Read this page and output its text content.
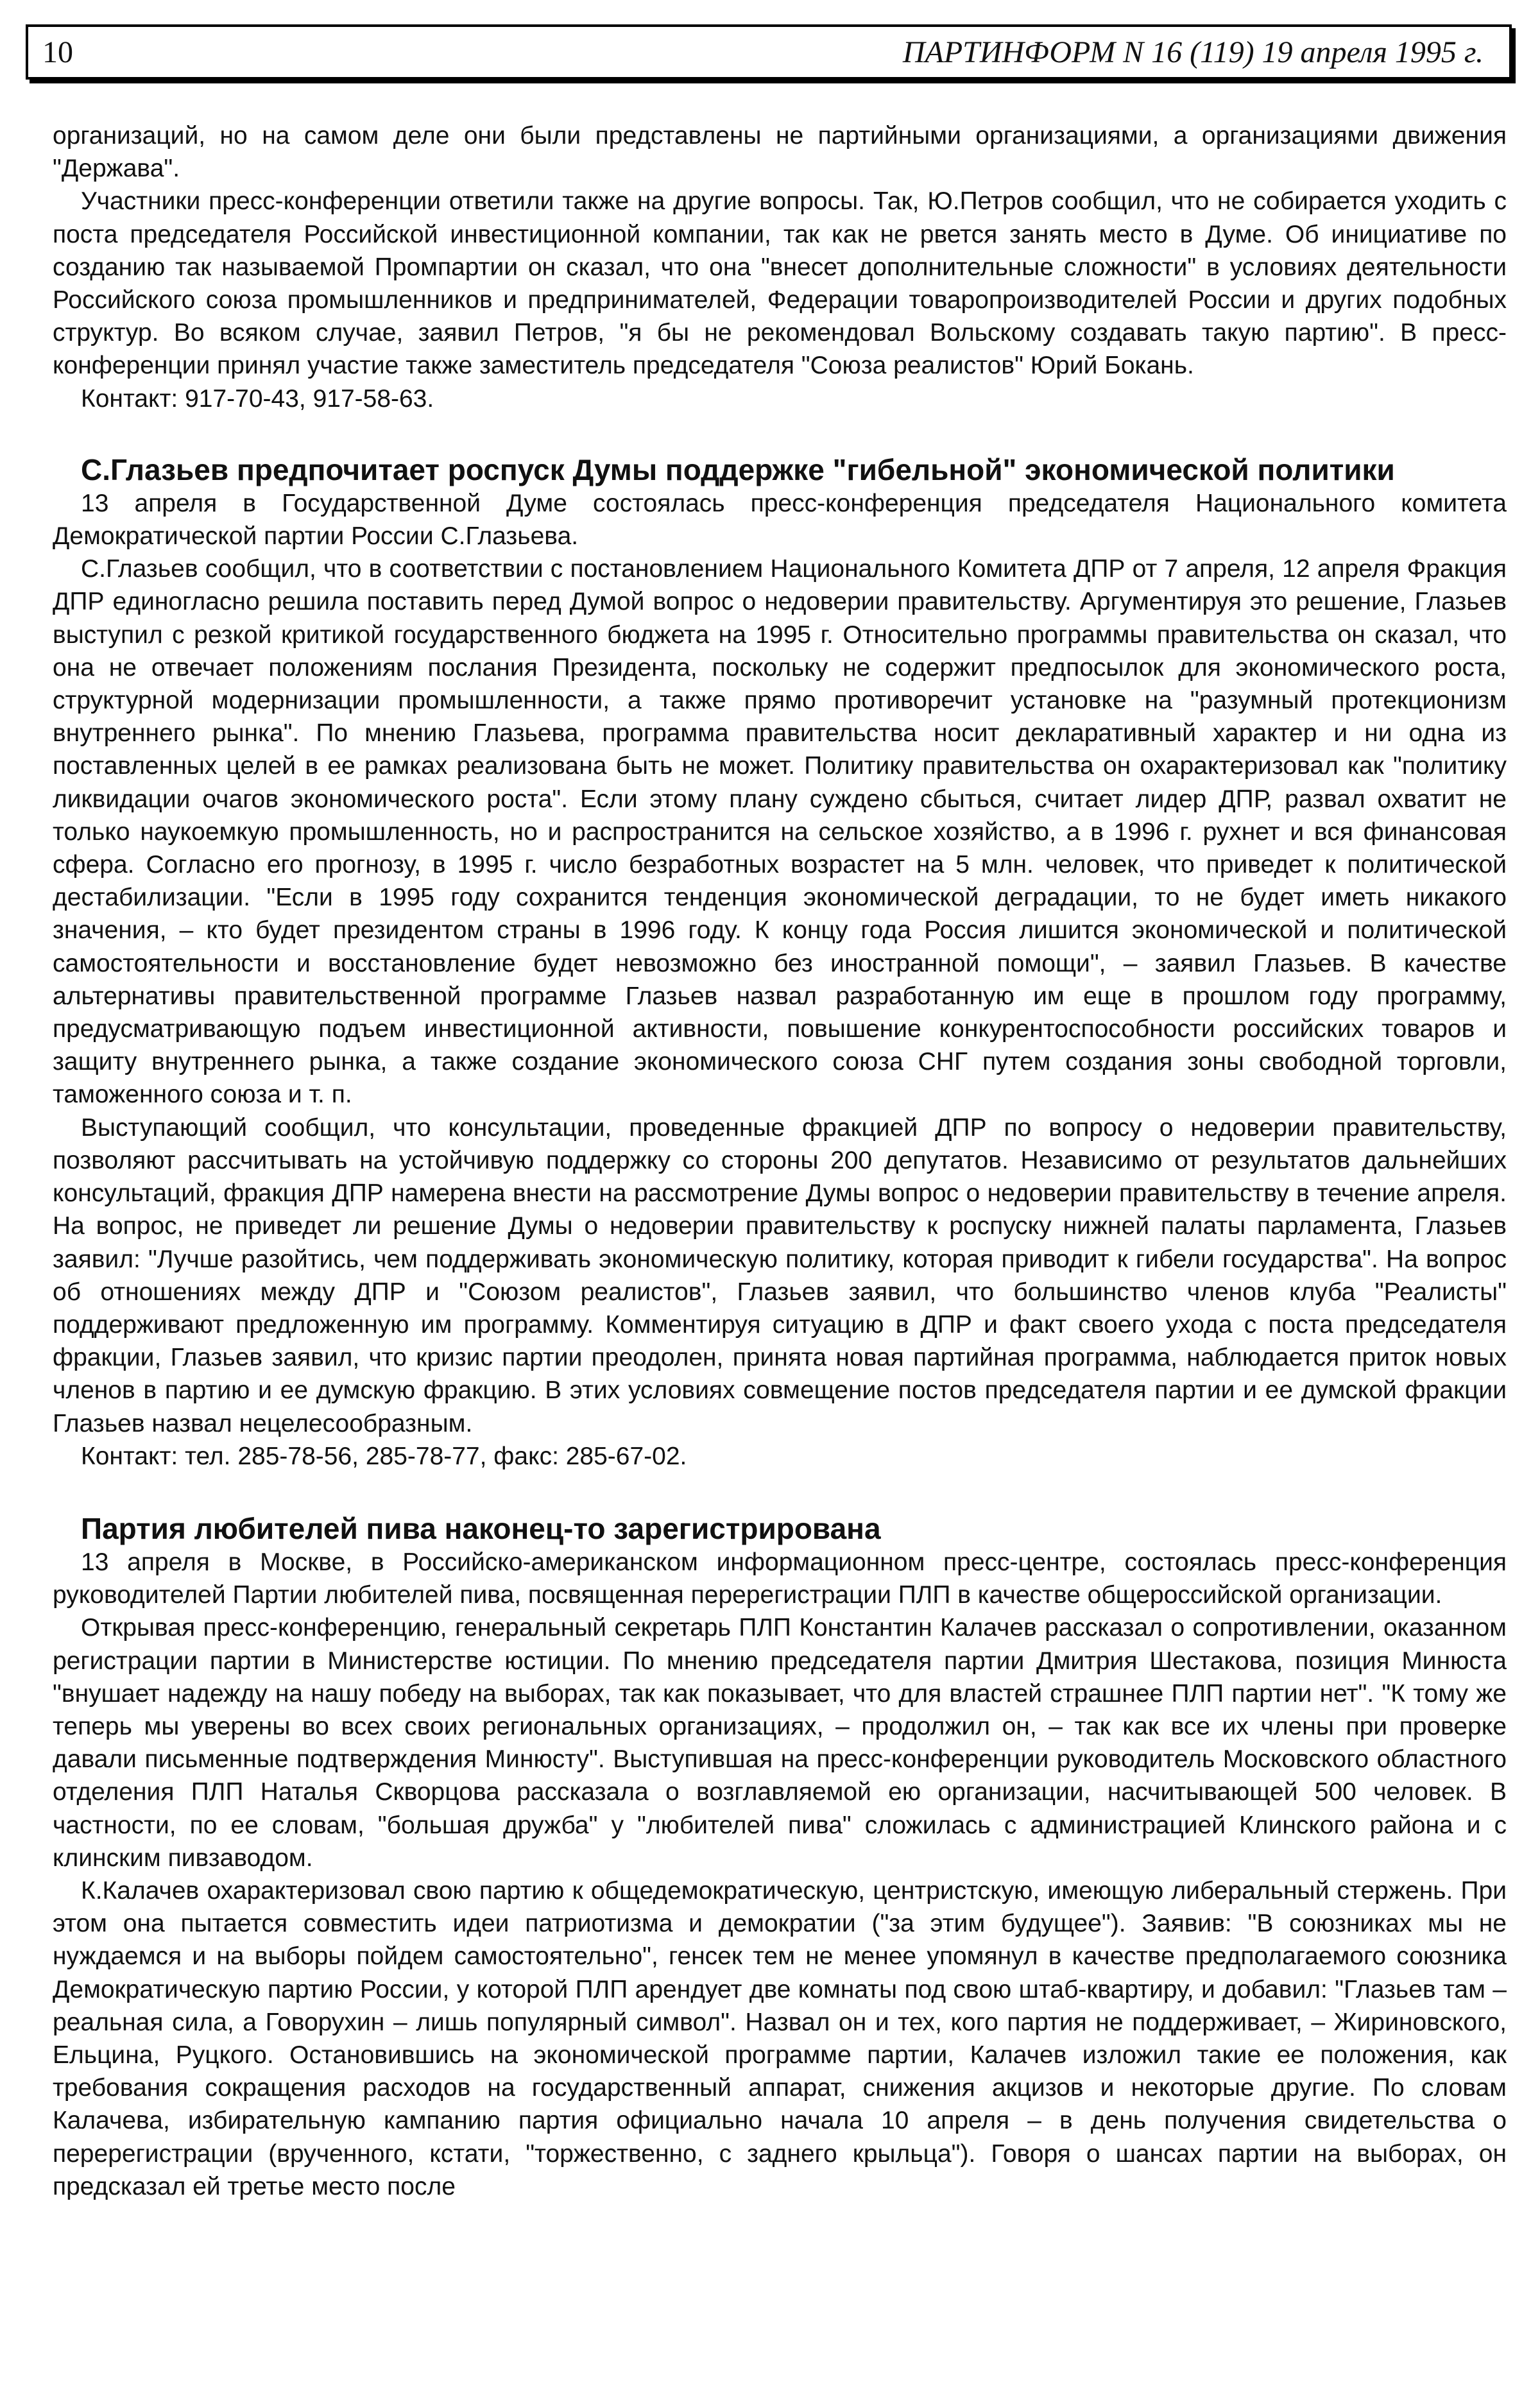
10	ПАРТИНФОРМ N 16 (119) 19 апреля 1995 г.

организаций, но на самом деле они были представлены не партийными организациями, а организациями движения "Держава".

Участники пресс-конференции ответили также на другие вопросы. Так, Ю.Петров сообщил, что не собирается уходить с поста председателя Российской инвестиционной компании, так как не рвется занять место в Думе. Об инициативе по созданию так называемой Промпартии он сказал, что она "внесет дополнительные сложности" в условиях деятельности Российского союза промышленников и предпринимателей, Федерации товаропроизводителей России и других подобных структур. Во всяком случае, заявил Петров, "я бы не рекомендовал Вольскому создавать такую партию". В пресс-конференции принял участие также заместитель председателя "Союза реалистов" Юрий Бокань.

Контакт: 917-70-43, 917-58-63.

С.Глазьев предпочитает роспуск Думы поддержке "гибельной" экономической политики

13 апреля в Государственной Думе состоялась пресс-конференция председателя Национального комитета Демократической партии России С.Глазьева.

С.Глазьев сообщил, что в соответствии с постановлением Национального Комитета ДПР от 7 апреля, 12 апреля Фракция ДПР единогласно решила поставить перед Думой вопрос о недоверии правительству. Аргументируя это решение, Глазьев выступил с резкой критикой государственного бюджета на 1995 г. Относительно программы правительства он сказал, что она не отвечает положениям послания Президента, поскольку не содержит предпосылок для экономического роста, структурной модернизации промышленности, а также прямо противоречит установке на "разумный протекционизм внутреннего рынка". По мнению Глазьева, программа правительства носит декларативный характер и ни одна из поставленных целей в ее рамках реализована быть не может. Политику правительства он охарактеризовал как "политику ликвидации очагов экономического роста". Если этому плану суждено сбыться, считает лидер ДПР, развал охватит не только наукоемкую промышленность, но и распространится на сельское хозяйство, а в 1996 г. рухнет и вся финансовая сфера. Согласно его прогнозу, в 1995 г. число безработных возрастет на 5 млн. человек, что приведет к политической дестабилизации. "Если в 1995 году сохранится тенденция экономической деградации, то не будет иметь никакого значения, – кто будет президентом страны в 1996 году. К концу года Россия лишится экономической и политической самостоятельности и восстановление будет невозможно без иностранной помощи", – заявил Глазьев. В качестве альтернативы правительственной программе Глазьев назвал разработанную им еще в прошлом году программу, предусматривающую подъем инвестиционной активности, повышение конкурентоспособности российских товаров и защиту внутреннего рынка, а также создание экономического союза СНГ путем создания зоны свободной торговли, таможенного союза и т. п.

Выступающий сообщил, что консультации, проведенные фракцией ДПР по вопросу о недоверии правительству, позволяют рассчитывать на устойчивую поддержку со стороны 200 депутатов. Независимо от результатов дальнейших консультаций, фракция ДПР намерена внести на рассмотрение Думы вопрос о недоверии правительству в течение апреля. На вопрос, не приведет ли решение Думы о недоверии правительству к роспуску нижней палаты парламента, Глазьев заявил: "Лучше разойтись, чем поддерживать экономическую политику, которая приводит к гибели государства". На вопрос об отношениях между ДПР и "Союзом реалистов", Глазьев заявил, что большинство членов клуба "Реалисты" поддерживают предложенную им программу. Комментируя ситуацию в ДПР и факт своего ухода с поста председателя фракции, Глазьев заявил, что кризис партии преодолен, принята новая партийная программа, наблюдается приток новых членов в партию и ее думскую фракцию. В этих условиях совмещение постов председателя партии и ее думской фракции Глазьев назвал нецелесообразным.

Контакт: тел. 285-78-56, 285-78-77, факс: 285-67-02.

Партия любителей пива наконец-то зарегистрирована

13 апреля в Москве, в Российско-американском информационном пресс-центре, состоялась пресс-конференция руководителей Партии любителей пива, посвященная перерегистрации ПЛП в качестве общероссийской организации.

Открывая пресс-конференцию, генеральный секретарь ПЛП Константин Калачев рассказал о сопротивлении, оказанном регистрации партии в Министерстве юстиции. По мнению председателя партии Дмитрия Шестакова, позиция Минюста "внушает надежду на нашу победу на выборах, так как показывает, что для властей страшнее ПЛП партии нет". "К тому же теперь мы уверены во всех своих региональных организациях, – продолжил он, – так как все их члены при проверке давали письменные подтверждения Минюсту". Выступившая на пресс-конференции руководитель Московского областного отделения ПЛП Наталья Скворцова рассказала о возглавляемой ею организации, насчитывающей 500 человек. В частности, по ее словам, "большая дружба" у "любителей пива" сложилась с администрацией Клинского района и с клинским пивзаводом.

К.Калачев охарактеризовал свою партию к общедемократическую, центристскую, имеющую либеральный стержень. При этом она пытается совместить идеи патриотизма и демократии ("за этим будущее"). Заявив: "В союзниках мы не нуждаемся и на выборы пойдем самостоятельно", генсек тем не менее упомянул в качестве предполагаемого союзника Демократическую партию России, у которой ПЛП арендует две комнаты под свою штаб-квартиру, и добавил: "Глазьев там – реальная сила, а Говорухин – лишь популярный символ". Назвал он и тех, кого партия не поддерживает, – Жириновского, Ельцина, Руцкого. Остановившись на экономической программе партии, Калачев изложил такие ее положения, как требования сокращения расходов на государственный аппарат, снижения акцизов и некоторые другие. По словам Калачева, избирательную кампанию партия официально начала 10 апреля – в день получения свидетельства о перерегистрации (врученного, кстати, "торжественно, с заднего крыльца"). Говоря о шансах партии на выборах, он предсказал ей третье место после
